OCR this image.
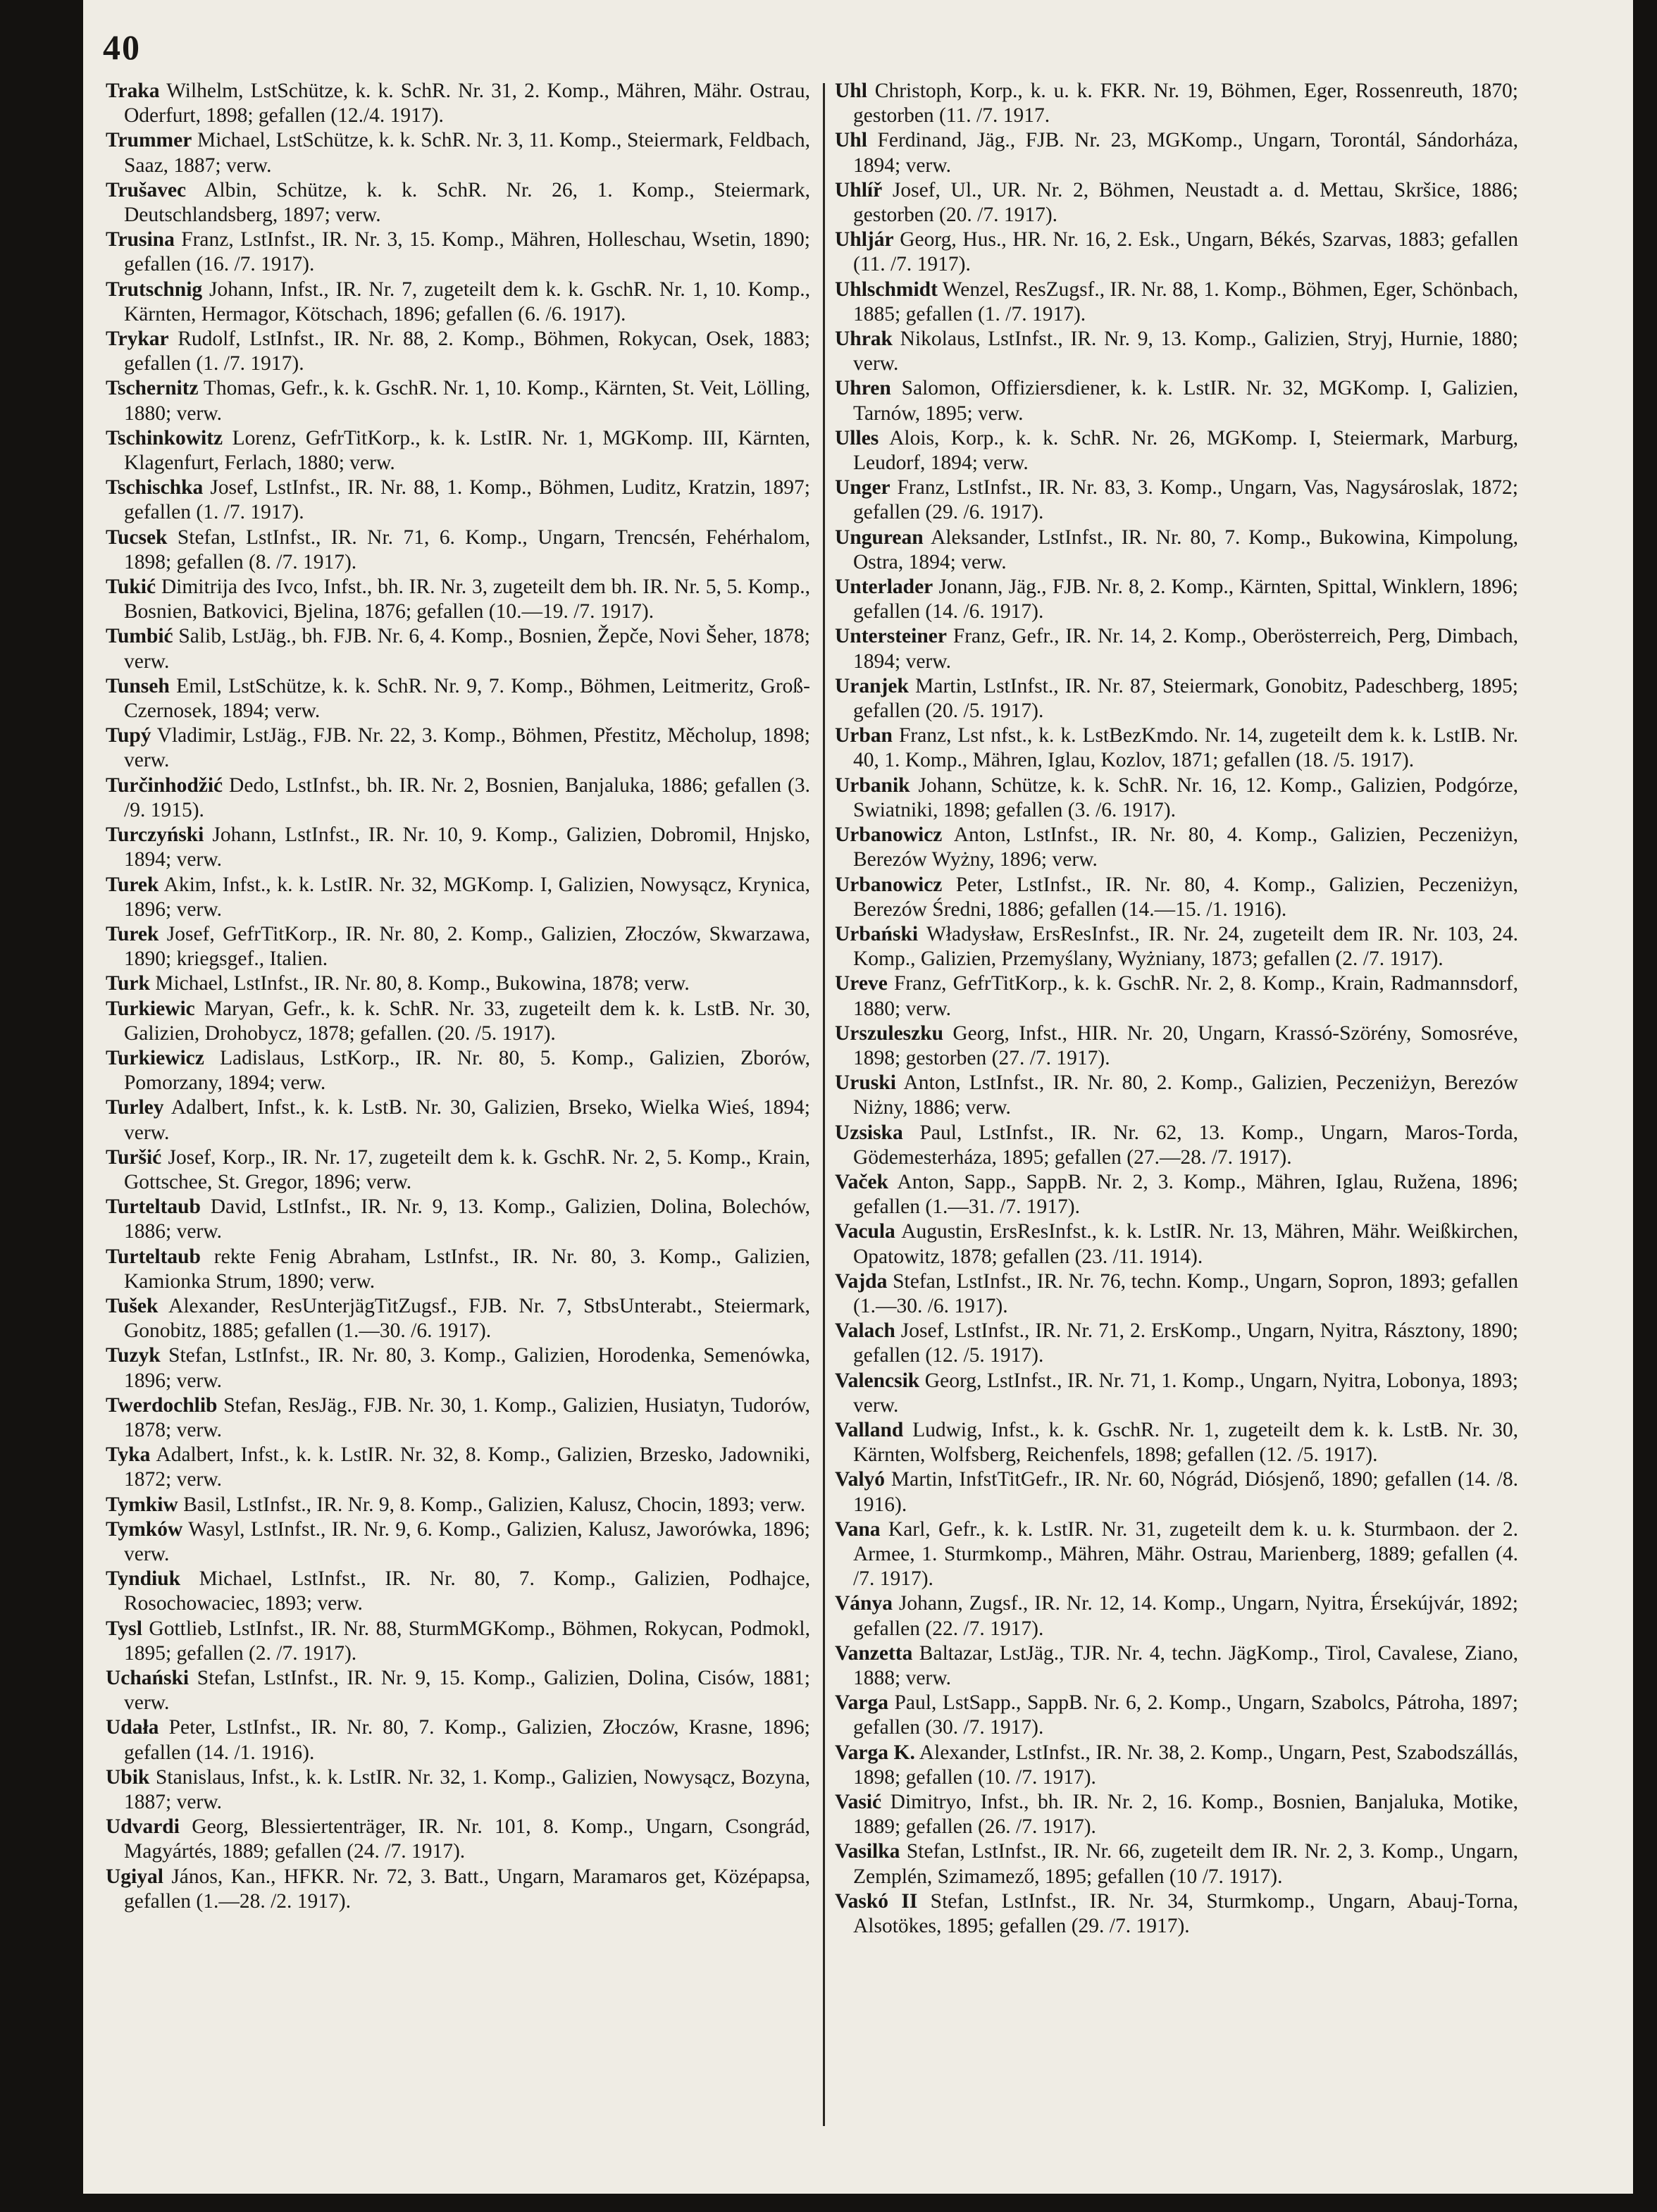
40

Traka Wilhelm, LstSchütze, k. k. SchR. Nr. 31, 2. Komp., Mähren, Mähr. Ostrau, Oderfurt, 1898; gefallen (12./4. 1917).

Trummer Michael, LstSchütze, k. k. SchR. Nr. 3, 11. Komp., Steiermark, Feldbach, Saaz, 1887; verw.

Trušavec Albin, Schütze, k. k. SchR. Nr. 26, 1. Komp., Steiermark, Deutschlandsberg, 1897; verw.

Trusina Franz, LstInfst., IR. Nr. 3, 15. Komp., Mähren, Holleschau, Wsetin, 1890; gefallen (16. /7. 1917).

Trutschnig Johann, Infst., IR. Nr. 7, zugeteilt dem k. k. GschR. Nr. 1, 10. Komp., Kärnten, Hermagor, Kötschach, 1896; gefallen (6. /6. 1917).

Trykar Rudolf, LstInfst., IR. Nr. 88, 2. Komp., Böhmen, Rokycan, Osek, 1883; gefallen (1. /7. 1917).

Tschernitz Thomas, Gefr., k. k. GschR. Nr. 1, 10. Komp., Kärnten, St. Veit, Lölling, 1880; verw.

Tschinkowitz Lorenz, GefrTitKorp., k. k. LstIR. Nr. 1, MGKomp. III, Kärnten, Klagenfurt, Ferlach, 1880; verw.

Tschischka Josef, LstInfst., IR. Nr. 88, 1. Komp., Böhmen, Luditz, Kratzin, 1897; gefallen (1. /7. 1917).

Tucsek Stefan, LstInfst., IR. Nr. 71, 6. Komp., Ungarn, Trencsén, Fehérhalom, 1898; gefallen (8. /7. 1917).

Tukić Dimitrija des Ivco, Infst., bh. IR. Nr. 3, zugeteilt dem bh. IR. Nr. 5, 5. Komp., Bosnien, Batkovici, Bjelina, 1876; gefallen (10.—19. /7. 1917).

Tumbić Salib, LstJäg., bh. FJB. Nr. 6, 4. Komp., Bosnien, Žepče, Novi Šeher, 1878; verw.

Tunseh Emil, LstSchütze, k. k. SchR. Nr. 9, 7. Komp., Böhmen, Leitmeritz, Groß-Czernosek, 1894; verw.

Tupý Vladimir, LstJäg., FJB. Nr. 22, 3. Komp., Böhmen, Přestitz, Měcholup, 1898; verw.

Turčinhodžić Dedo, LstInfst., bh. IR. Nr. 2, Bosnien, Banjaluka, 1886; gefallen (3. /9. 1915).

Turczyński Johann, LstInfst., IR. Nr. 10, 9. Komp., Galizien, Dobromil, Hnjsko, 1894; verw.

Turek Akim, Infst., k. k. LstIR. Nr. 32, MGKomp. I, Galizien, Nowysącz, Krynica, 1896; verw.

Turek Josef, GefrTitKorp., IR. Nr. 80, 2. Komp., Galizien, Złoczów, Skwarzawa, 1890; kriegsgef., Italien.

Turk Michael, LstInfst., IR. Nr. 80, 8. Komp., Bukowina, 1878; verw.

Turkiewic Maryan, Gefr., k. k. SchR. Nr. 33, zugeteilt dem k. k. LstB. Nr. 30, Galizien, Drohobycz, 1878; gefallen. (20. /5. 1917).

Turkiewicz Ladislaus, LstKorp., IR. Nr. 80, 5. Komp., Galizien, Zborów, Pomorzany, 1894; verw.

Turley Adalbert, Infst., k. k. LstB. Nr. 30, Galizien, Brseko, Wielka Wieś, 1894; verw.

Turšić Josef, Korp., IR. Nr. 17, zugeteilt dem k. k. GschR. Nr. 2, 5. Komp., Krain, Gottschee, St. Gregor, 1896; verw.

Turteltaub David, LstInfst., IR. Nr. 9, 13. Komp., Galizien, Dolina, Bolechów, 1886; verw.

Turteltaub rekte Fenig Abraham, LstInfst., IR. Nr. 80, 3. Komp., Galizien, Kamionka Strum, 1890; verw.

Tušek Alexander, ResUnterjägTitZugsf., FJB. Nr. 7, StbsUnterabt., Steiermark, Gonobitz, 1885; gefallen (1.—30. /6. 1917).

Tuzyk Stefan, LstInfst., IR. Nr. 80, 3. Komp., Galizien, Horodenka, Semenówka, 1896; verw.

Twerdochlib Stefan, ResJäg., FJB. Nr. 30, 1. Komp., Galizien, Husiatyn, Tudorów, 1878; verw.

Tyka Adalbert, Infst., k. k. LstIR. Nr. 32, 8. Komp., Galizien, Brzesko, Jadowniki, 1872; verw.

Tymkiw Basil, LstInfst., IR. Nr. 9, 8. Komp., Galizien, Kalusz, Chocin, 1893; verw.

Tymków Wasyl, LstInfst., IR. Nr. 9, 6. Komp., Galizien, Kalusz, Jaworówka, 1896; verw.

Tyndiuk Michael, LstInfst., IR. Nr. 80, 7. Komp., Galizien, Podhajce, Rosochowaciec, 1893; verw.

Tysl Gottlieb, LstInfst., IR. Nr. 88, SturmMGKomp., Böhmen, Rokycan, Podmokl, 1895; gefallen (2. /7. 1917).

Uchański Stefan, LstInfst., IR. Nr. 9, 15. Komp., Galizien, Dolina, Cisów, 1881; verw.

Udała Peter, LstInfst., IR. Nr. 80, 7. Komp., Galizien, Złoczów, Krasne, 1896; gefallen (14. /1. 1916).

Ubik Stanislaus, Infst., k. k. LstIR. Nr. 32, 1. Komp., Galizien, Nowysącz, Bozyna, 1887; verw.

Udvardi Georg, Blessiertenträger, IR. Nr. 101, 8. Komp., Ungarn, Csongrád, Magyártés, 1889; gefallen (24. /7. 1917).

Ugiyal János, Kan., HFKR. Nr. 72, 3. Batt., Ungarn, Maramaros get, Középapsa, gefallen (1.—28. /2. 1917).

Uhl Christoph, Korp., k. u. k. FKR. Nr. 19, Böhmen, Eger, Rossenreuth, 1870; gestorben (11. /7. 1917.

Uhl Ferdinand, Jäg., FJB. Nr. 23, MGKomp., Ungarn, Torontál, Sándorháza, 1894; verw.

Uhlíř Josef, Ul., UR. Nr. 2, Böhmen, Neustadt a. d. Mettau, Skršice, 1886; gestorben (20. /7. 1917).

Uhljár Georg, Hus., HR. Nr. 16, 2. Esk., Ungarn, Békés, Szarvas, 1883; gefallen (11. /7. 1917).

Uhlschmidt Wenzel, ResZugsf., IR. Nr. 88, 1. Komp., Böhmen, Eger, Schönbach, 1885; gefallen (1. /7. 1917).

Uhrak Nikolaus, LstInfst., IR. Nr. 9, 13. Komp., Galizien, Stryj, Hurnie, 1880; verw.

Uhren Salomon, Offiziersdiener, k. k. LstIR. Nr. 32, MGKomp. I, Galizien, Tarnów, 1895; verw.

Ulles Alois, Korp., k. k. SchR. Nr. 26, MGKomp. I, Steiermark, Marburg, Leudorf, 1894; verw.

Unger Franz, LstInfst., IR. Nr. 83, 3. Komp., Ungarn, Vas, Nagysároslak, 1872; gefallen (29. /6. 1917).

Ungurean Aleksander, LstInfst., IR. Nr. 80, 7. Komp., Bukowina, Kimpolung, Ostra, 1894; verw.

Unterlader Jonann, Jäg., FJB. Nr. 8, 2. Komp., Kärnten, Spittal, Winklern, 1896; gefallen (14. /6. 1917).

Untersteiner Franz, Gefr., IR. Nr. 14, 2. Komp., Oberösterreich, Perg, Dimbach, 1894; verw.

Uranjek Martin, LstInfst., IR. Nr. 87, Steiermark, Gonobitz, Padeschberg, 1895; gefallen (20. /5. 1917).

Urban Franz, Lst nfst., k. k. LstBezKmdo. Nr. 14, zugeteilt dem k. k. LstIB. Nr. 40, 1. Komp., Mähren, Iglau, Kozlov, 1871; gefallen (18. /5. 1917).

Urbanik Johann, Schütze, k. k. SchR. Nr. 16, 12. Komp., Galizien, Podgórze, Swiatniki, 1898; gefallen (3. /6. 1917).

Urbanowicz Anton, LstInfst., IR. Nr. 80, 4. Komp., Galizien, Peczeniżyn, Berezów Wyżny, 1896; verw.

Urbanowicz Peter, LstInfst., IR. Nr. 80, 4. Komp., Galizien, Peczeniżyn, Berezów Średni, 1886; gefallen (14.—15. /1. 1916).

Urbański Władysław, ErsResInfst., IR. Nr. 24, zugeteilt dem IR. Nr. 103, 24. Komp., Galizien, Przemyślany, Wyżniany, 1873; gefallen (2. /7. 1917).

Ureve Franz, GefrTitKorp., k. k. GschR. Nr. 2, 8. Komp., Krain, Radmannsdorf, 1880; verw.

Urszuleszku Georg, Infst., HIR. Nr. 20, Ungarn, Krassó-Szörény, Somosréve, 1898; gestorben (27. /7. 1917).

Uruski Anton, LstInfst., IR. Nr. 80, 2. Komp., Galizien, Peczeniżyn, Berezów Niżny, 1886; verw.

Uzsiska Paul, LstInfst., IR. Nr. 62, 13. Komp., Ungarn, Maros-Torda, Gödemesterháza, 1895; gefallen (27.—28. /7. 1917).

Vaček Anton, Sapp., SappB. Nr. 2, 3. Komp., Mähren, Iglau, Ružena, 1896; gefallen (1.—31. /7. 1917).

Vacula Augustin, ErsResInfst., k. k. LstIR. Nr. 13, Mähren, Mähr. Weißkirchen, Opatowitz, 1878; gefallen (23. /11. 1914).

Vajda Stefan, LstInfst., IR. Nr. 76, techn. Komp., Ungarn, Sopron, 1893; gefallen (1.—30. /6. 1917).

Valach Josef, LstInfst., IR. Nr. 71, 2. ErsKomp., Ungarn, Nyitra, Rásztony, 1890; gefallen (12. /5. 1917).

Valencsik Georg, LstInfst., IR. Nr. 71, 1. Komp., Ungarn, Nyitra, Lobonya, 1893; verw.

Valland Ludwig, Infst., k. k. GschR. Nr. 1, zugeteilt dem k. k. LstB. Nr. 30, Kärnten, Wolfsberg, Reichenfels, 1898; gefallen (12. /5. 1917).

Valyó Martin, InfstTitGefr., IR. Nr. 60, Nógrád, Diósjenő, 1890; gefallen (14. /8. 1916).

Vana Karl, Gefr., k. k. LstIR. Nr. 31, zugeteilt dem k. u. k. Sturmbaon. der 2. Armee, 1. Sturmkomp., Mähren, Mähr. Ostrau, Marienberg, 1889; gefallen (4. /7. 1917).

Ványa Johann, Zugsf., IR. Nr. 12, 14. Komp., Ungarn, Nyitra, Érsekújvár, 1892; gefallen (22. /7. 1917).

Vanzetta Baltazar, LstJäg., TJR. Nr. 4, techn. JägKomp., Tirol, Cavalese, Ziano, 1888; verw.

Varga Paul, LstSapp., SappB. Nr. 6, 2. Komp., Ungarn, Szabolcs, Pátroha, 1897; gefallen (30. /7. 1917).

Varga K. Alexander, LstInfst., IR. Nr. 38, 2. Komp., Ungarn, Pest, Szabodszállás, 1898; gefallen (10. /7. 1917).

Vasić Dimitryo, Infst., bh. IR. Nr. 2, 16. Komp., Bosnien, Banjaluka, Motike, 1889; gefallen (26. /7. 1917).

Vasilka Stefan, LstInfst., IR. Nr. 66, zugeteilt dem IR. Nr. 2, 3. Komp., Ungarn, Zemplén, Szimamező, 1895; gefallen (10 /7. 1917).

Vaskó II Stefan, LstInfst., IR. Nr. 34, Sturmkomp., Ungarn, Abauj-Torna, Alsotökes, 1895; gefallen (29. /7. 1917).
